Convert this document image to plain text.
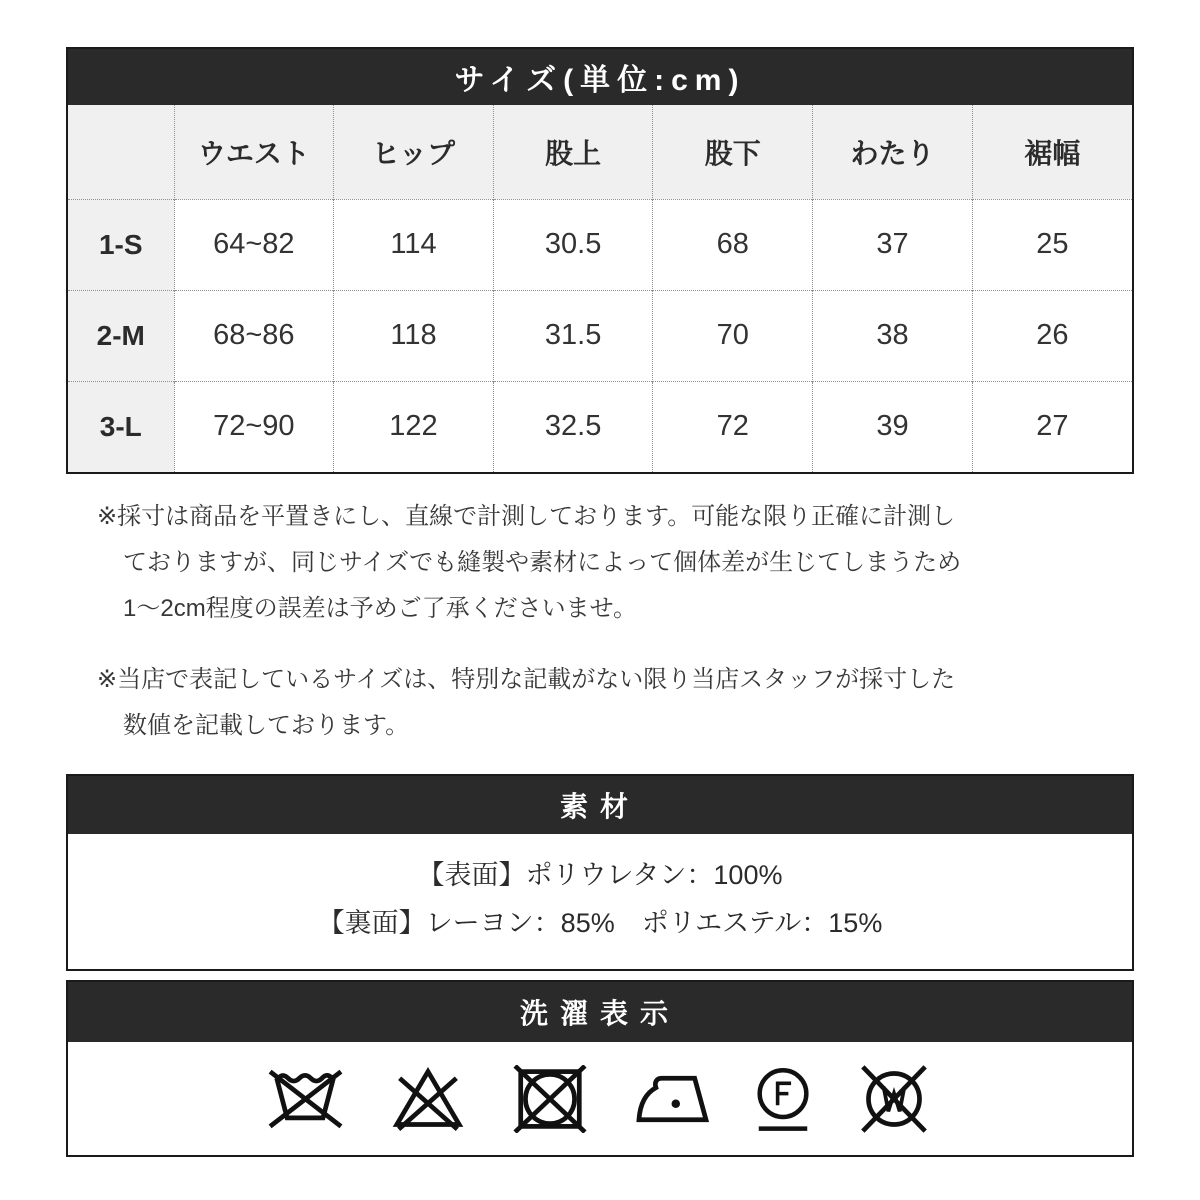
サイズ(単位:cm)
	ウエスト	ヒップ	股上	股下	わたり	裾幅
1-S	64~82	114	30.5	68	37	25
2-M	68~86	118	31.5	70	38	26
3-L	72~90	122	32.5	72	39	27
※採寸は商品を平置きにし、直線で計測しております。可能な限り正確に計測し
ておりますが、同じサイズでも縫製や素材によって個体差が生じてしまうため
1〜2cm程度の誤差は予めご了承くださいませ。
※当店で表記しているサイズは、特別な記載がない限り当店スタッフが採寸した
数値を記載しております。
素材
【表面】ポリウレタン：100%
【裏面】レーヨン：85%　ポリエステル：15%
洗濯表示
